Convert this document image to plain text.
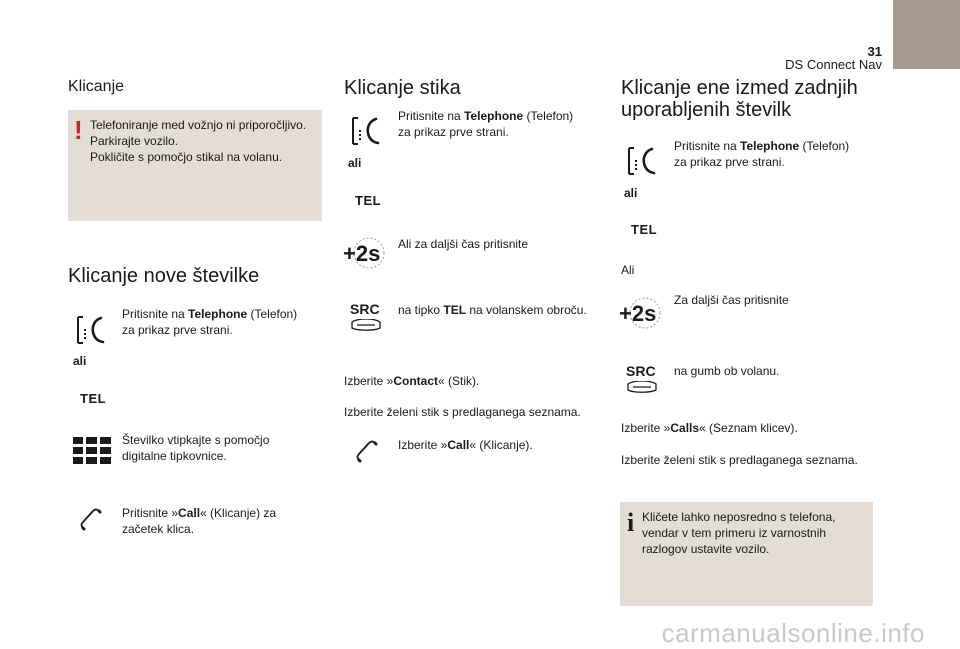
31
DS Connect Nav
Klicanje
! Telefoniranje med vožnjo ni priporočljivo.
Parkirajte vozilo.
Pokličite s pomočjo stikal na volanu.
Klicanje nove številke
ali
TEL
Pritisnite na Telephone (Telefon)
za prikaz prve strani.
Številko vtipkajte s pomočjo
digitalne tipkovnice.
Pritisnite »Call« (Klicanje) za
začetek klica.
Klicanje stika
ali
TEL
Pritisnite na Telephone (Telefon)
za prikaz prve strani.
+2s Ali za daljši čas pritisnite
SRC na tipko TEL na volanskem obroču.
Izberite »Contact« (Stik).
Izberite želeni stik s predlaganega seznama.
Izberite »Call« (Klicanje).
Klicanje ene izmed zadnjih
uporabljenih številk
ali
TEL
Pritisnite na Telephone (Telefon)
za prikaz prve strani.
Ali
+2s
Za daljši čas pritisnite
SRC na gumb ob volanu.
Izberite »Calls« (Seznam klicev).
Izberite želeni stik s predlaganega seznama.
i Kličete lahko neposredno s telefona,
vendar v tem primeru iz varnostnih
razlogov ustavite vozilo.
carmanualsonline.info
